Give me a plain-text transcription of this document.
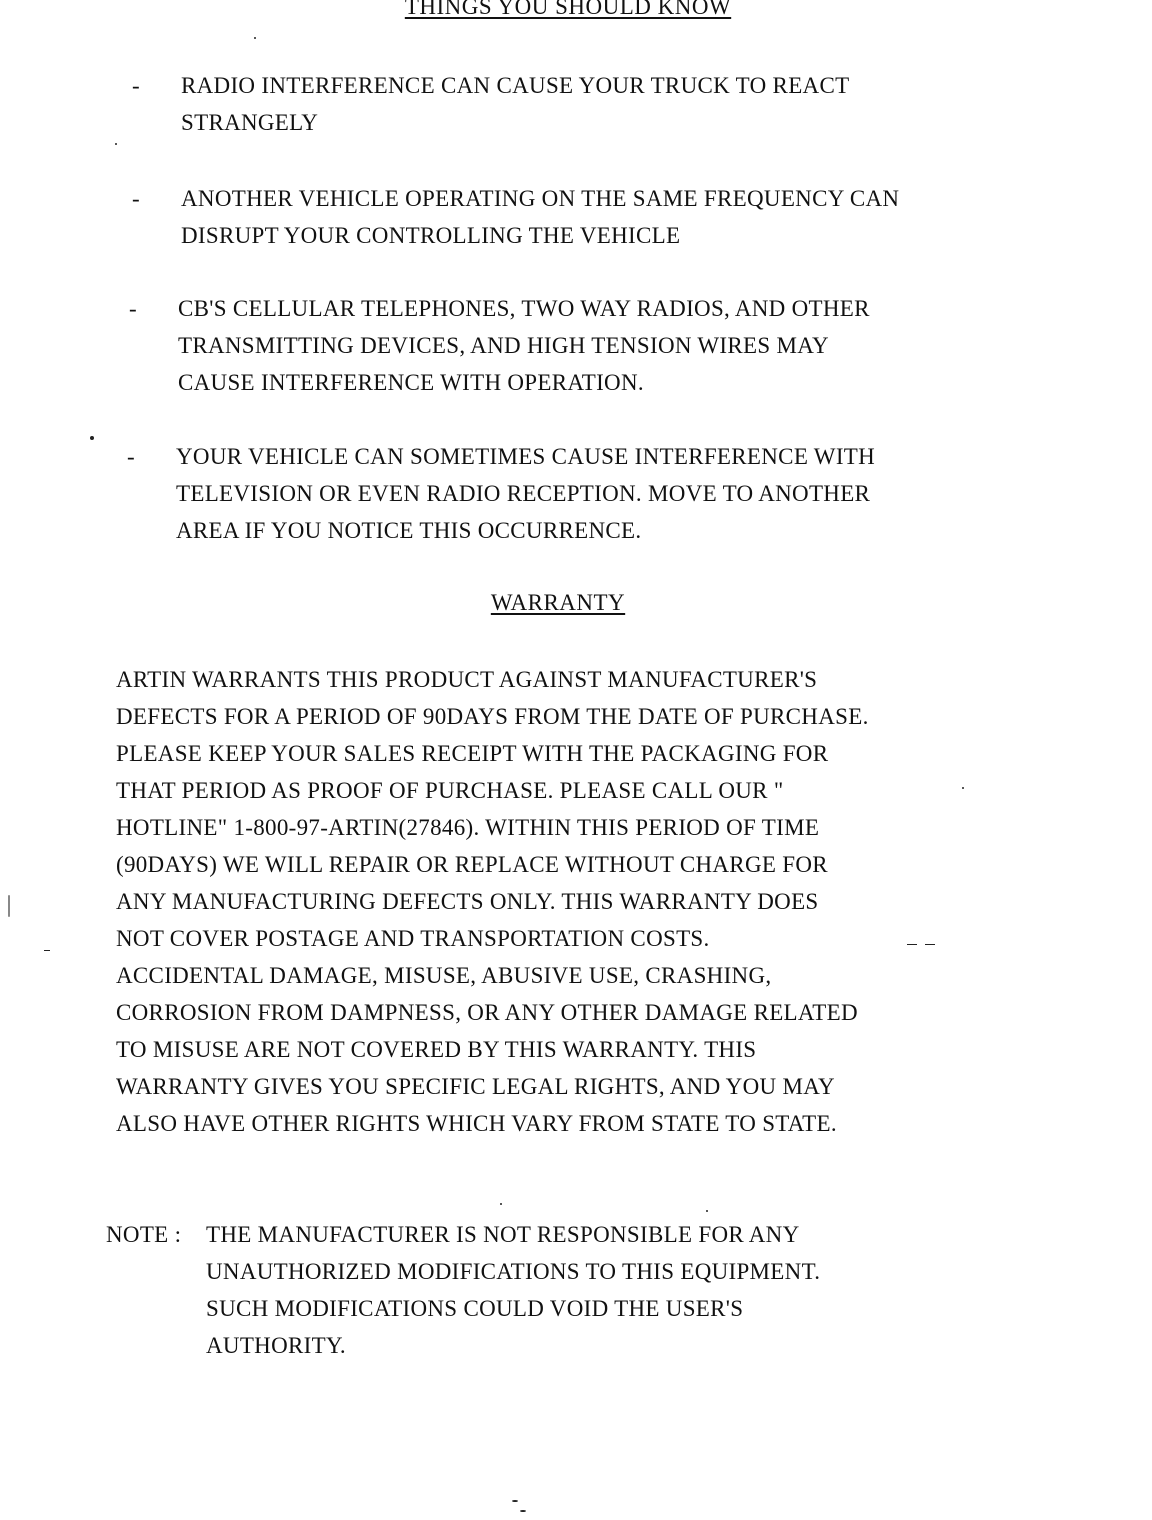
THINGS YOU SHOULD KNOW
- RADIO INTERFERENCE CAN CAUSE YOUR TRUCK TO REACT
STRANGELY
- ANOTHER VEHICLE OPERATING ON THE SAME FREQUENCY CAN
DISRUPT YOUR CONTROLLING THE VEHICLE
- CB'S CELLULAR TELEPHONES, TWO WAY RADIOS, AND OTHER
TRANSMITTING DEVICES, AND HIGH TENSION WIRES MAY
CAUSE INTERFERENCE WITH OPERATION.
- YOUR VEHICLE CAN SOMETIMES CAUSE INTERFERENCE WITH
TELEVISION OR EVEN RADIO RECEPTION. MOVE TO ANOTHER
AREA IF YOU NOTICE THIS OCCURRENCE.
WARRANTY

ARTIN WARRANTS THIS PRODUCT AGAINST MANUFACTURER'S
DEFECTS FOR A PERIOD OF 90DAYS FROM THE DATE OF PURCHASE.
PLEASE KEEP YOUR SALES RECEIPT WITH THE PACKAGING FOR
THAT PERIOD AS PROOF OF PURCHASE. PLEASE CALL OUR "
HOTLINE" 1-800-97-ARTIN(27846). WITHIN THIS PERIOD OF TIME
(90DAYS) WE WILL REPAIR OR REPLACE WITHOUT CHARGE FOR
ANY MANUFACTURING DEFECTS ONLY. THIS WARRANTY DOES
NOT COVER POSTAGE AND TRANSPORTATION COSTS.
ACCIDENTAL DAMAGE, MISUSE, ABUSIVE USE, CRASHING,
CORROSION FROM DAMPNESS, OR ANY OTHER DAMAGE RELATED
TO MISUSE ARE NOT COVERED BY THIS WARRANTY. THIS
WARRANTY GIVES YOU SPECIFIC LEGAL RIGHTS, AND YOU MAY
ALSO HAVE OTHER RIGHTS WHICH VARY FROM STATE TO STATE.

NOTE : THE MANUFACTURER IS NOT RESPONSIBLE FOR ANY
UNAUTHORIZED MODIFICATIONS TO THIS EQUIPMENT.
SUCH MODIFICATIONS COULD VOID THE USER'S
AUTHORITY.
